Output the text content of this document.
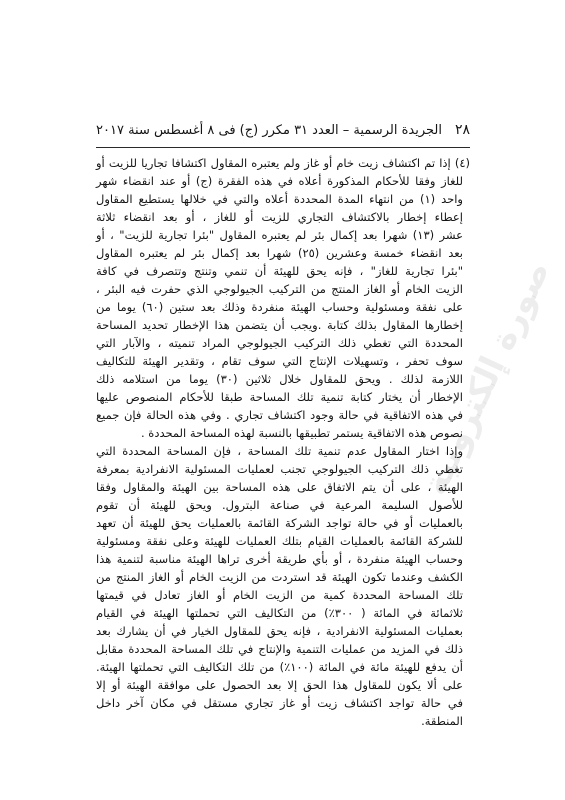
صورة إلكترونية
٢٨
الجريدة الرسمية – العدد ٣١ مكرر (ج) فى ٨ أغسطس سنة ٢٠١٧
(٤) إذا تم اكتشاف زيت خام أو غاز ولم يعتبره المقاول اكتشافا تجاريا للزيت أو
للغاز وفقا للأحكام المذكورة أعلاه في هذه الفقرة (ج) أو عند انقضاء شهر
واحد (١) من انتهاء المدة المحددة أعلاه والتي في خلالها يستطيع المقاول
إعطاء إخطار بالاكتشاف التجاري للزيت أو للغاز ، أو بعد انقضاء ثلاثة
عشر (١٣) شهرا بعد إكمال بئر لم يعتبره المقاول "بئرا تجارية للزيت" ، أو
بعد انقضاء خمسة وعشرين (٢٥) شهرا بعد إكمال بئر لم يعتبره المقاول
"بئرا تجارية للغاز" ، فإنه يحق للهيئة أن تنمي وتنتج وتتصرف في كافة
الزيت الخام أو الغاز المنتج من التركيب الجيولوجي الذي حفرت فيه البئر ،
على نفقة ومسئولية وحساب الهيئة منفردة وذلك بعد ستين (٦٠) يوما من
إخطارها المقاول بذلك كتابة .ويجب أن يتضمن هذا الإخطار تحديد المساحة
المحددة التي تغطي ذلك التركيب الجيولوجي المراد تنميته ، والآبار التي
سوف تحفر ، وتسهيلات الإنتاج التي سوف تقام ، وتقدير الهيئة للتكاليف
اللازمة لذلك . ويحق للمقاول خلال ثلاثين (٣٠) يوما من استلامه ذلك
الإخطار أن يختار كتابة تنمية تلك المساحة طبقا للأحكام المنصوص عليها
في هذه الاتفاقية في حالة وجود اكتشاف تجاري . وفي هذه الحالة فإن جميع
نصوص هذه الاتفاقية يستمر تطبيقها بالنسبة لهذه المساحة المحددة .
وإذا اختار المقاول عدم تنمية تلك المساحة ، فإن المساحة المحددة التي
تغطي ذلك التركيب الجيولوجي تجنب لعمليات المسئولية الانفرادية بمعرفة
الهيئة ، على أن يتم الاتفاق على هذه المساحة بين الهيئة والمقاول وفقا
للأصول السليمة المرعية في صناعة البترول. ويحق للهيئة أن تقوم
بالعمليات أو في حالة تواجد الشركة القائمة بالعمليات يحق للهيئة أن تعهد
للشركة القائمة بالعمليات القيام بتلك العمليات للهيئة وعلى نفقة ومسئولية
وحساب الهيئة منفردة ، أو بأي طريقة أخرى تراها الهيئة مناسبة لتنمية هذا
الكشف وعندما تكون الهيئة قد استردت من الزيت الخام أو الغاز المنتج من
تلك المساحة المحددة كمية من الزيت الخام أو الغاز تعادل في قيمتها
ثلاثمائة في المائة ( ٣٠٠٪) من التكاليف التي تحملتها الهيئة في القيام
بعمليات المسئولية الانفرادية ، فإنه يحق للمقاول الخيار في أن يشارك بعد
ذلك في المزيد من عمليات التنمية والإنتاج في تلك المساحة المحددة مقابل
أن يدفع للهيئة مائة في المائة (١٠٠٪) من تلك التكاليف التي تحملتها الهيئة.
على ألا يكون للمقاول هذا الحق إلا بعد الحصول على موافقة الهيئة أو إلا
في حالة تواجد اكتشاف زيت أو غاز تجاري مستقل في مكان آخر داخل
المنطقة.
